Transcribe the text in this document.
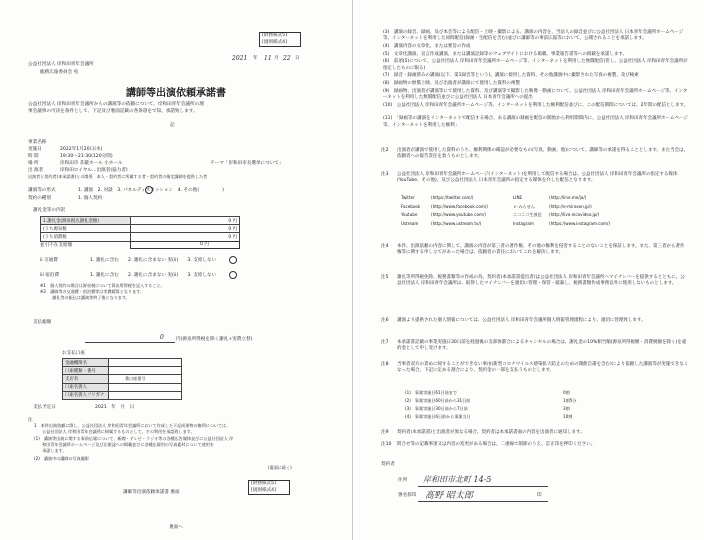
[財務様式5]
[規則様式4]
2021 年 11 月 22 日
公益社団法人 岸和田青年会議所
総務広報委員会 宛
講師等出演依頼承諾書
公益社団法人 岸和田青年会議所からの講演等の依頼について、岸和田青年会議所の理
事会議事の可決を条件として、下記及び裏面記載の各条項をで知、承諾致します。
記
事業名称
実施日	2022年1月20日(木)
時 間	19:30〜21:30(120分間)
場 所	岸和田市 荘厳ホール 小ホール
出 演者	岸和田ロイヤル…出演者(協力者)
テーマ「岸和田市長選挙について」
出演者と契約者(本承諾書)との関係　本人・契約者に所属する者・契約者の指定講師を提供した者
講演等の形式	1. 講演　2. 対談　3. パネルディスカッション　4. その他(　　　　　)
契約の種別	1. 個人契約
謝礼金等の内訳
1.謝礼金(源泉税込謝礼金額)	0 円
(うち源泉税	0 円
(うち消費税	0 円
並引不在支給額	0 円
ii 交通費	1. 謝礼に含む　　2. 謝礼に含まない 実(ii)　　3. 支給しない
iii 宿泊費	1. 謝礼に含む　　2. 謝礼に含まない 実(ii)　　3. 支給しない
※1　個人契約の場合は源泉税について算出所得税を記入すること。
※2　講師等の交通費・宿泊費等は実費精算となります。
　　　謝礼等の振込は講演等終了後となります。
支払総額
0	円(源泉所得税を除く謝礼+実費立替)
お支払口座
金融機関名	
口座種類・番号	
支店名	
口座名義人	
口座名義人フリガナ	
番口座番号
支払予定日	2021　年　月　日
注
1　本件出演依頼に際し、公益社団法人 岸和田青年会議所において作成した下記成果物の権利については、
　　公益社団法人 岸和田青年会議所に帰属するものとして、その利用を承認致します。
(1)　講演等出演に関する事前広報について、新聞・テレビ・ラジオ等の各種広告媒体並びに公益社団法人 岸
　　和田青年会議所ホームページ及び広報誌への掲載並びに各種広報用の写真素材について使用を
　　承諾します。
(2)　講演中の講師の写真撮影
(裏面に続く)
講師等出演依頼承諾書 裏面
[財務様式5]
[規則様式4]
裏面へ
(3)　講演の録音、録画、及び本会等による配信・上映・撮影による、講演の内容を、当法人の録音並びに公益社団法人 日本青年会議所ホームページ等、インターネットを利用した同時配信(録画・生配信を含む)並びに講師等の事前広報等において、公開されることを承諾します。
(4)　講演内容の文章化、または要旨の作成
(5)　文章化講演、宣言作成講演、または講演記録等のウェブサイトにおける掲載、事業報告書等への掲載を承諾します。
(6)　前項(5)について、公益社団法人 岸和田青年会議所ホームページ等、インターネットを利用した無償配信(但し、公益社団法人 岸和田青年会議所が指定したものに限る)
(7)　録音・録画済みの講演(以下、第1録音等という)、講演に使用した資料、その他講演中に撮影された写真の複製、及び検索
(8)　録画物の無償上映、及び出演者が講演にて使用した資料の複製
(9)　録画物、出演者が講演等にて使用した資料、及び講演等で撮影した映像・動画について、公益社団法人 岸和田青年会議所ホームページ等、インターネットを利用した無償配信並びに公益社団法人 日本青年会議所への提出
(10)　公益社団法人 岸和田青年会議所ホームページ等、インターネットを利用した権利配信並びに、この配信期間については、2年間の配信とします。
(11)　「録画等の講演をインターネットで配信する場合、ある講演の録画を配信の開始から利用期間内に、公益社団法人 岸和田青年会議所ホームページ等、インターネットを利用した権利」
注2 出演者が講演で使用した資料のうち、権利関係の確認が必要なもの(写真、動画、他)について、講師等の承諾を得ることとします。また当会は、依頼者への報告責任を負うものとします。
注3 公益社団法人 岸和田青年会議所ホームページ(インターネット)を利用して配信する場合は、公益社団法人 岸和田青年会議所の指定する媒体(YouTube、その他)、及び公益社団法人 日本青年会議所の指定する媒体を介した配信となります。
Twitter	(https://twitter.com/)	LINE	(http://line.me/ja/)
Facebook	(http://www.facebook.com/)	ｅ-みらせん	(http://e-mirasen.jp/)
Youtube	(http://www.youtube.com/)	ニコニコ生放送 (http://live.nicovideo.jp/)
Ustream	(http://www.ustream.tv/)	Instagram	(https://www.instagram.com/)
注4 本件、出演依頼の内容に関して、講演の内容が第三者の著作権、その他の権利を侵害することのないことを保証します。また、第三者から著作権等に関する申し立てがあった場合は、依頼者の責任においてこれを解決します。
注5 謝礼等所得税免除、税務書類等の作成の為、契約者(本承諾書提出者)は公益社団法人 岸和田青年会議所へマイナンバーを提供するとともに、公益社団法人 岸和田青年会議所は、取得したマイナンバーを適切に管理・保管・破棄し、税務書類作成事務以外に使用しないものとします。
注6 講演より提供された個人情報については、公益社団法人 岸和田青年会議所個人情報管理規程により、適切に管理致します。
注7 本承諾書記載の事業実施日30日前を経過後の支部体都合によるキャンセルの場合は、謝礼金の10%相当額(源泉所得税額・消費税額を除く)を違約金として申し受けます。
注8 当事者双方の責めに帰することができない事由(新型コロナウイルス感染拡大防止のための開催自粛を含む)により依頼した講演等が実施できなくなった場合、下記に定める割合により、契約金の一部を支払うものとします。
(1)　事業実施日61日前まで	0割
(2)　事業実施日60日前から31日前	1割5分
(3)　事業実施日30日前から7日前	3割
(4)　事業実施日6日前から事業当日	10割
注9 契約者(本承諾書)と出演者が異なる場合、契約者は本承諾書面の内容を出演者に通知します。
注10 問合せ等の記載事項又は内容の変更がある場合は、二重線で削除のうえ、訂正印を押印ください。
契約者
住所 岸和田市北町 14-5
署名捺印 髙野 昭太郎	印
